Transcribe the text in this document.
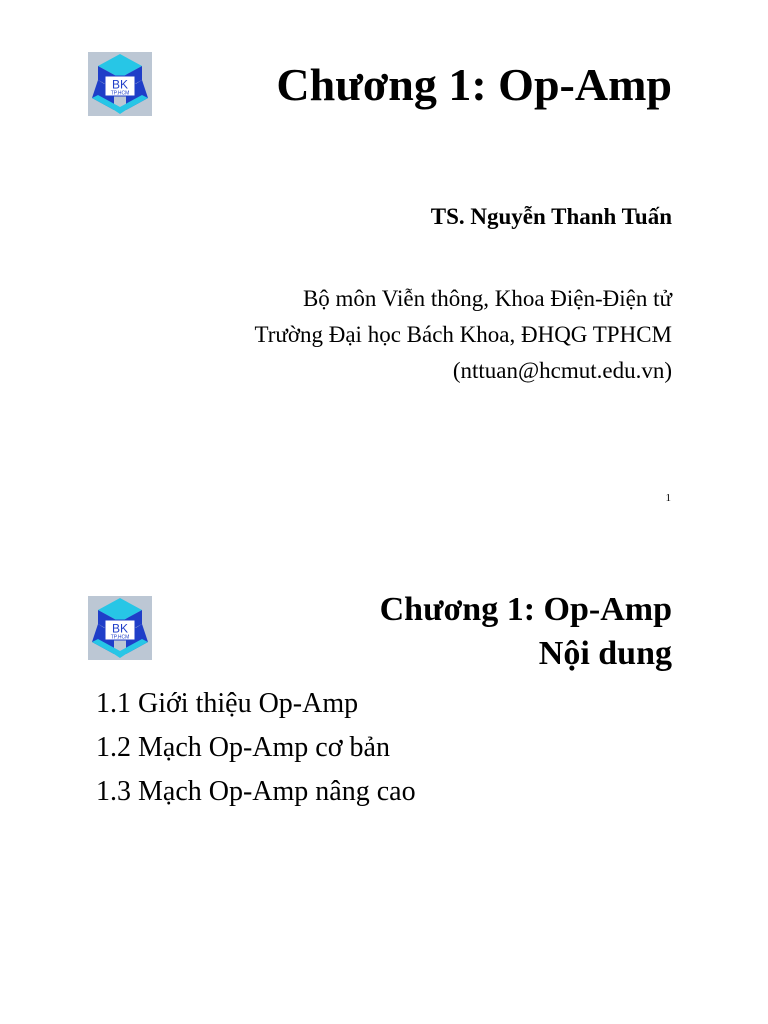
BK
TP.HCM	Chương 1: Op-Amp
TS. Nguyễn Thanh Tuấn
Bộ môn Viễn thông, Khoa Điện-Điện tử
Trường Đại học Bách Khoa, ĐHQG TPHCM
(nttuan@hcmut.edu.vn)
1
BK
TP.HCM
Chương 1: Op-Amp
Nội dung
1.1 Giới thiệu Op-Amp
1.2 Mạch Op-Amp cơ bản
1.3 Mạch Op-Amp nâng cao
